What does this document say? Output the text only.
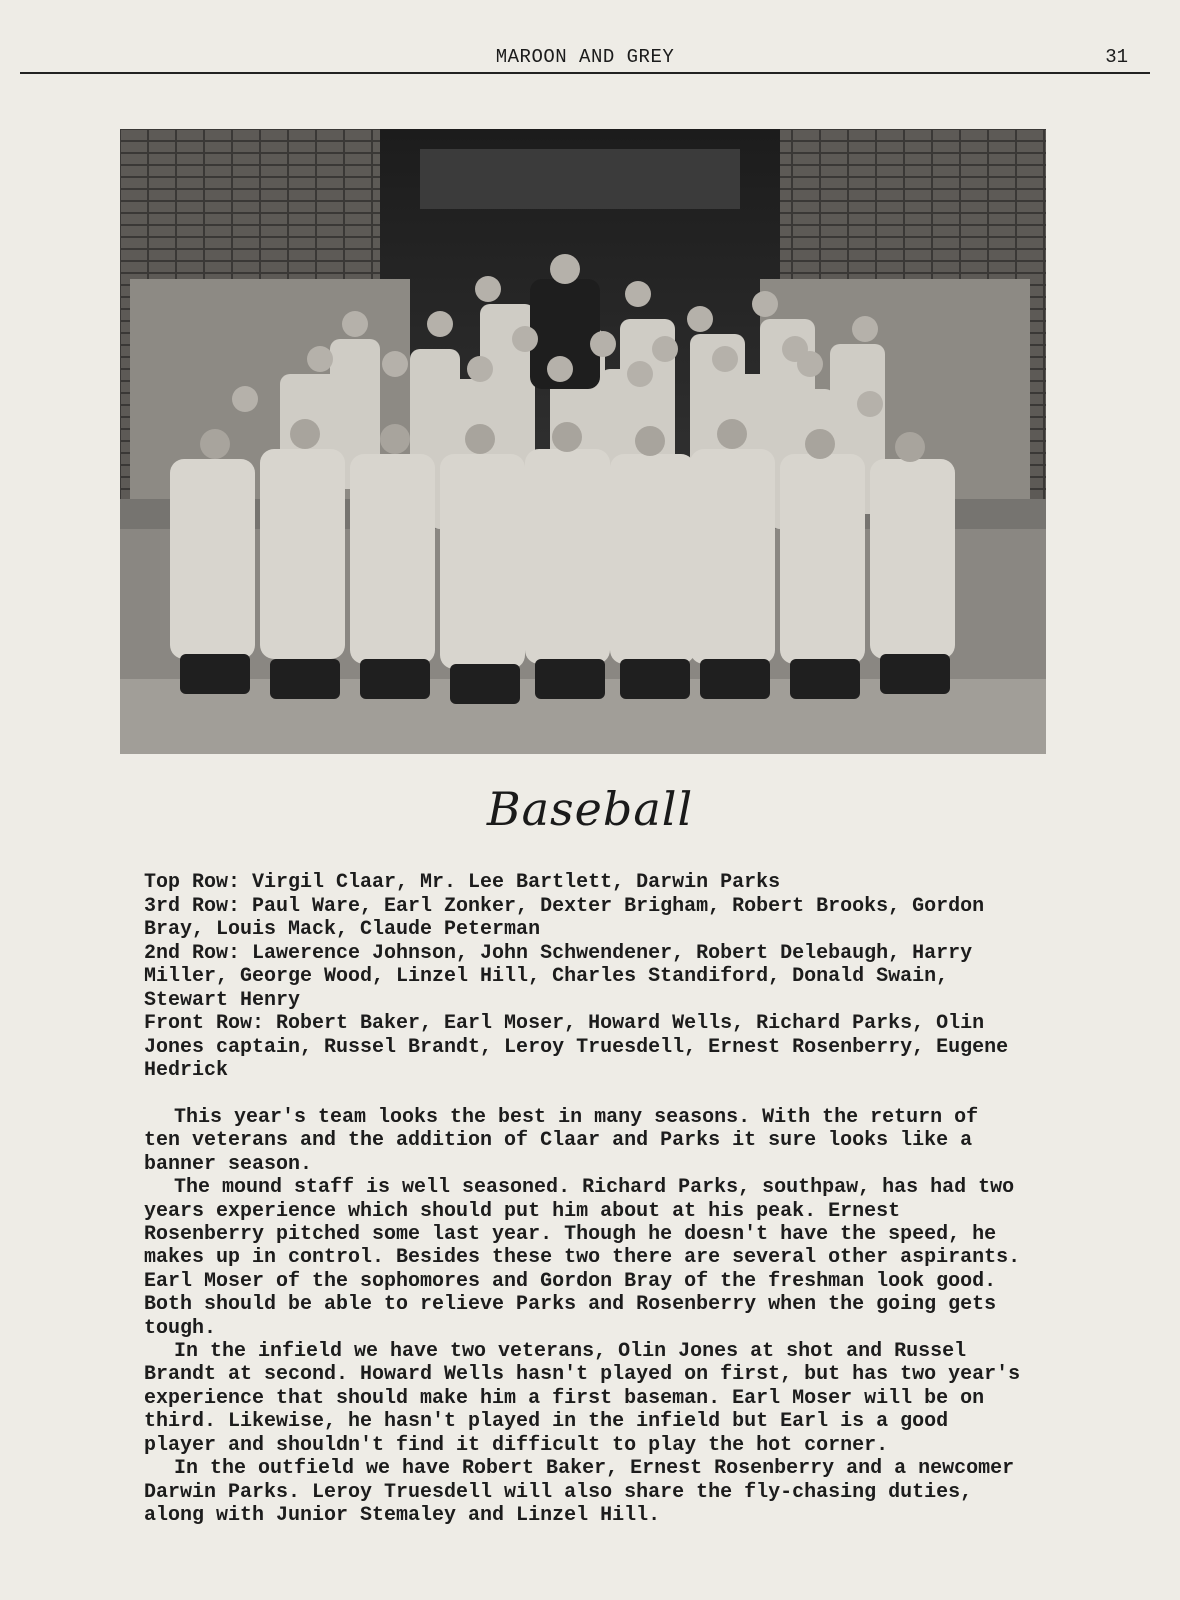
MAROON AND GREY	31
Baseball

Top Row: Virgil Claar, Mr. Lee Bartlett, Darwin Parks

3rd Row: Paul Ware, Earl Zonker, Dexter Brigham, Robert Brooks, Gordon Bray, Louis Mack, Claude Peterman

2nd Row: Lawerence Johnson, John Schwendener, Robert Delebaugh, Harry Miller, George Wood, Linzel Hill, Charles Standiford, Donald Swain, Stewart Henry

Front Row: Robert Baker, Earl Moser, Howard Wells, Richard Parks, Olin Jones captain, Russel Brandt, Leroy Truesdell, Ernest Rosenberry, Eugene Hedrick

This year's team looks the best in many seasons. With the return of ten veterans and the addition of Claar and Parks it sure looks like a banner season.

The mound staff is well seasoned. Richard Parks, southpaw, has had two years experience which should put him about at his peak. Ernest Rosenberry pitched some last year. Though he doesn't have the speed, he makes up in control. Besides these two there are several other aspirants. Earl Moser of the sophomores and Gordon Bray of the freshman look good. Both should be able to relieve Parks and Rosenberry when the going gets tough.

In the infield we have two veterans, Olin Jones at shot and Russel Brandt at second. Howard Wells hasn't played on first, but has two year's experience that should make him a first baseman. Earl Moser will be on third. Likewise, he hasn't played in the infield but Earl is a good player and shouldn't find it difficult to play the hot corner.

In the outfield we have Robert Baker, Ernest Rosenberry and a newcomer Darwin Parks. Leroy Truesdell will also share the fly-chasing duties, along with Junior Stemaley and Linzel Hill.
